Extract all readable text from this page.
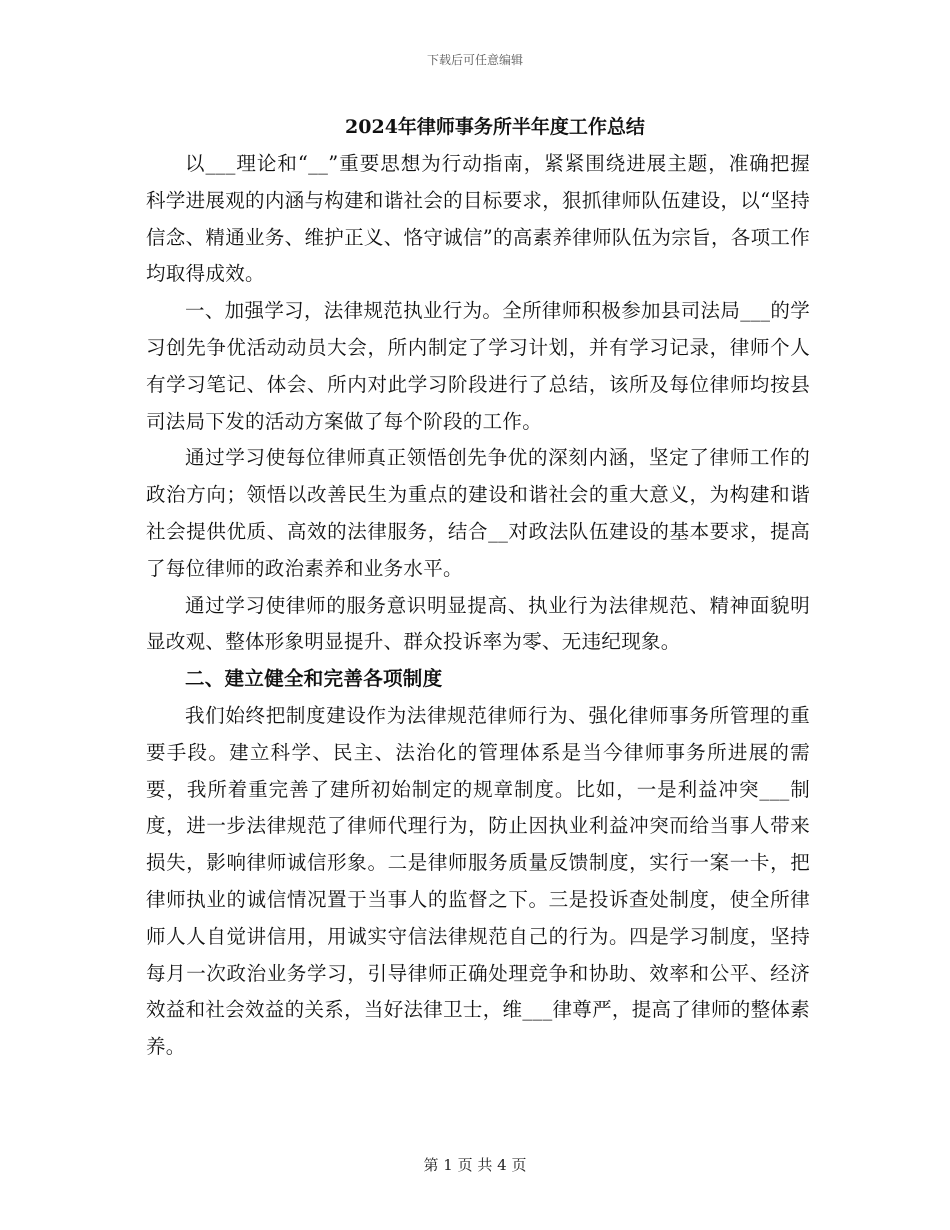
下载后可任意编辑
2024年律师事务所半年度工作总结

以___理论和“__”重要思想为行动指南，紧紧围绕进展主题，准确把握科学进展观的内涵与构建和谐社会的目标要求，狠抓律师队伍建设，以“坚持信念、精通业务、维护正义、恪守诚信”的高素养律师队伍为宗旨，各项工作均取得成效。

一、加强学习，法律规范执业行为。全所律师积极参加县司法局___的学习创先争优活动动员大会，所内制定了学习计划，并有学习记录，律师个人有学习笔记、体会、所内对此学习阶段进行了总结，该所及每位律师均按县司法局下发的活动方案做了每个阶段的工作。

通过学习使每位律师真正领悟创先争优的深刻内涵，坚定了律师工作的政治方向；领悟以改善民生为重点的建设和谐社会的重大意义，为构建和谐社会提供优质、高效的法律服务，结合__对政法队伍建设的基本要求，提高了每位律师的政治素养和业务水平。

通过学习使律师的服务意识明显提高、执业行为法律规范、精神面貌明显改观、整体形象明显提升、群众投诉率为零、无违纪现象。

二、建立健全和完善各项制度

我们始终把制度建设作为法律规范律师行为、强化律师事务所管理的重要手段。建立科学、民主、法治化的管理体系是当今律师事务所进展的需要，我所着重完善了建所初始制定的规章制度。比如，一是利益冲突___制度，进一步法律规范了律师代理行为，防止因执业利益冲突而给当事人带来损失，影响律师诚信形象。二是律师服务质量反馈制度，实行一案一卡，把律师执业的诚信情况置于当事人的监督之下。三是投诉查处制度，使全所律师人人自觉讲信用，用诚实守信法律规范自己的行为。四是学习制度，坚持每月一次政治业务学习，引导律师正确处理竞争和协助、效率和公平、经济效益和社会效益的关系，当好法律卫士，维___律尊严，提高了律师的整体素养。

第 1 页 共 4 页
